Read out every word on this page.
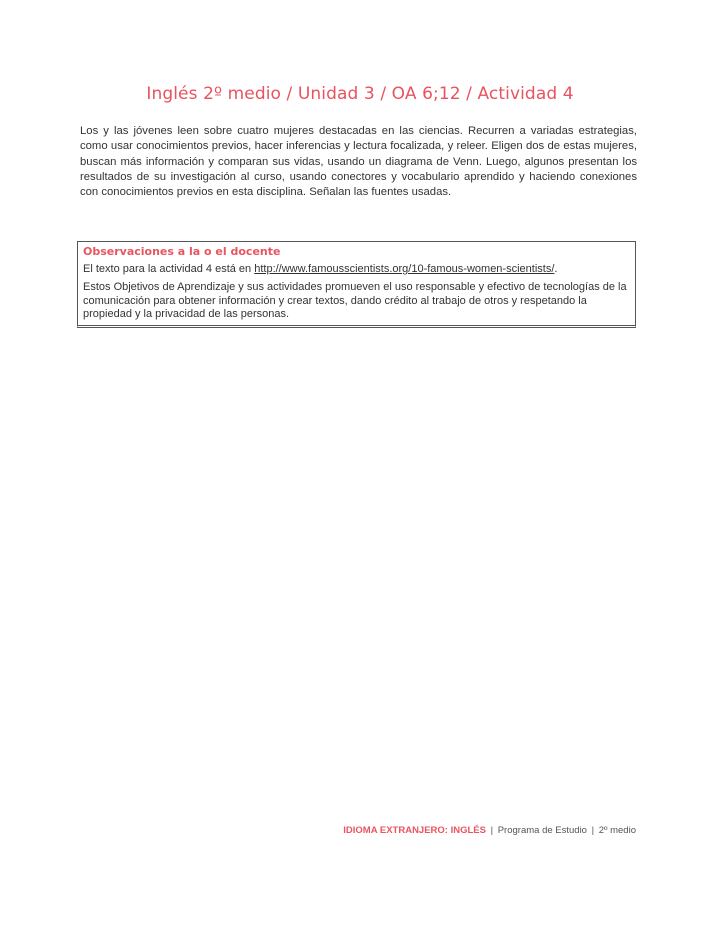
Inglés 2º medio / Unidad 3 / OA 6;12 / Actividad 4

Los y las jóvenes leen sobre cuatro mujeres destacadas en las ciencias. Recurren a variadas estrategias, como usar conocimientos previos, hacer inferencias y lectura focalizada, y releer. Eligen dos de estas mujeres, buscan más información y comparan sus vidas, usando un diagrama de Venn. Luego, algunos presentan los resultados de su investigación al curso, usando conectores y vocabulario aprendido y haciendo conexiones con conocimientos previos en esta disciplina. Señalan las fuentes usadas.

Observaciones a la o el docente

El texto para la actividad 4 está en http://www.famousscientists.org/10-famous-women-scientists/.

Estos Objetivos de Aprendizaje y sus actividades promueven el uso responsable y efectivo de tecnologías de la comunicación para obtener información y crear textos, dando crédito al trabajo de otros y respetando la propiedad y la privacidad de las personas.

IDIOMA EXTRANJERO: INGLÉS | Programa de Estudio | 2º medio
